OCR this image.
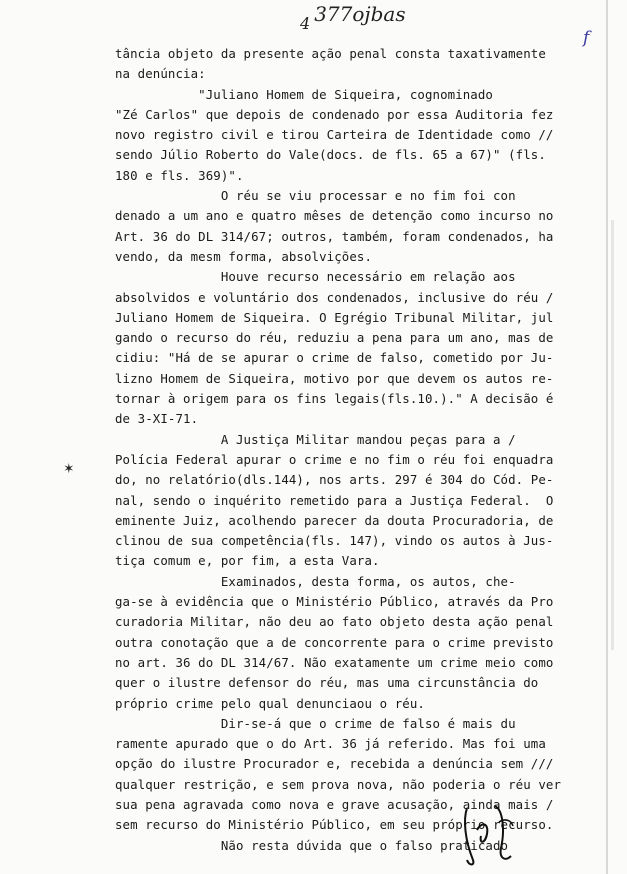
$_4$ 377ojbas
f
✶
tância objeto da presente ação penal consta taxativamente
na denúncia:
"Juliano Homem de Siqueira, cognominado
"Zé Carlos" que depois de condenado por essa Auditoria fez
novo registro civil e tirou Carteira de Identidade como //
sendo Júlio Roberto do Vale(docs. de fls. 65 a 67)" (fls.
180 e fls. 369)".
O réu se viu processar e no fim foi con
denado a um ano e quatro mêses de detenção como incurso no
Art. 36 do DL 314/67; outros, também, foram condenados, ha
vendo, da mesm forma, absolvições.
Houve recurso necessário em relação aos
absolvidos e voluntário dos condenados, inclusive do réu /
Juliano Homem de Siqueira. O Egrégio Tribunal Militar, jul
gando o recurso do réu, reduziu a pena para um ano, mas de
cidiu: "Há de se apurar o crime de falso, cometido por Ju-
lizno Homem de Siqueira, motivo por que devem os autos re-
tornar à origem para os fins legais(fls.10.)." A decisão é
de 3-XI-71.
A Justiça Militar mandou peças para a /
Polícia Federal apurar o crime e no fim o réu foi enquadra
do, no relatório(dls.144), nos arts. 297 é 304 do Cód. Pe-
nal, sendo o inquérito remetido para a Justiça Federal.  O
eminente Juiz, acolhendo parecer da douta Procuradoria, de
clinou de sua competência(fls. 147), vindo os autos à Jus-
tiça comum e, por fim, a esta Vara.
Examinados, desta forma, os autos, che-
ga-se à evidência que o Ministério Público, através da Pro
curadoria Militar, não deu ao fato objeto desta ação penal
outra conotação que a de concorrente para o crime previsto
no art. 36 do DL 314/67. Não exatamente um crime meio como
quer o ilustre defensor do réu, mas uma circunstância do
próprio crime pelo qual denunciaou o réu.
Dir-se-á que o crime de falso é mais du
ramente apurado que o do Art. 36 já referido. Mas foi uma
opção do ilustre Procurador e, recebida a denúncia sem ///
qualquer restrição, e sem prova nova, não poderia o réu ver
sua pena agravada como nova e grave acusação, ainda mais /
sem recurso do Ministério Público, em seu próprio recurso.
Não resta dúvida que o falso praticado
